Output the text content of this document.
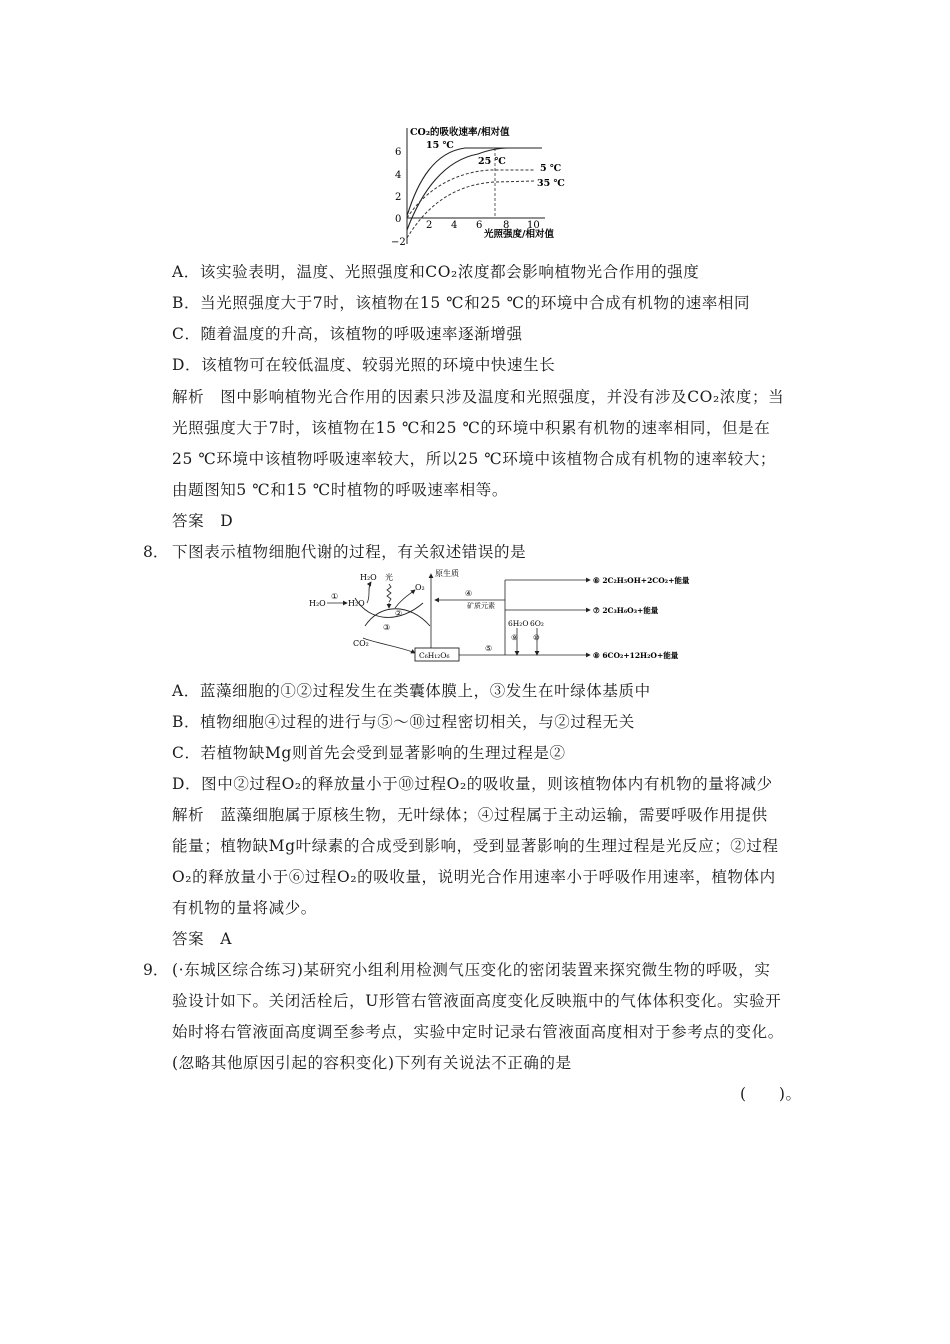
CO₂的吸收速率/相对值
6
4
2
0
−2
2 4 6 8 10
光照强度/相对值
15 ℃
25 ℃
5 ℃
35 ℃
A．该实验表明，温度、光照强度和CO₂浓度都会影响植物光合作用的强度
B．当光照强度大于7时，该植物在15 ℃和25 ℃的环境中合成有机物的速率相同
C．随着温度的升高，该植物的呼吸速率逐渐增强
D．该植物可在较低温度、较弱光照的环境中快速生长
解析　图中影响植物光合作用的因素只涉及温度和光照强度，并没有涉及CO₂浓度；当
光照强度大于7时，该植物在15 ℃和25 ℃的环境中积累有机物的速率相同，但是在
25 ℃环境中该植物呼吸速率较大，所以25 ℃环境中该植物合成有机物的速率较大；
由题图知5 ℃和15 ℃时植物的呼吸速率相等。
答案　D
8． 下图表示植物细胞代谢的过程，有关叙述错误的是
H₂O
①
H₂O
H₂O 光
②
O₂
③
CO₂
C₆H₁₂O₆
原生质
④
矿质元素
⑤
6H₂O 6O₂
⑨ ⑩
⑥ 2C₂H₅OH+2CO₂+能量
⑦ 2C₃H₆O₃+能量
⑧ 6CO₂+12H₂O+能量
A．蓝藻细胞的①②过程发生在类囊体膜上，③发生在叶绿体基质中
B．植物细胞④过程的进行与⑤～⑩过程密切相关，与②过程无关
C．若植物缺Mg则首先会受到显著影响的生理过程是②
D．图中②过程O₂的释放量小于⑩过程O₂的吸收量，则该植物体内有机物的量将减少
解析　蓝藻细胞属于原核生物，无叶绿体；④过程属于主动运输，需要呼吸作用提供
能量；植物缺Mg叶绿素的合成受到影响，受到显著影响的生理过程是光反应；②过程
O₂的释放量小于⑥过程O₂的吸收量，说明光合作用速率小于呼吸作用速率，植物体内
有机物的量将减少。
答案　A
9． (·东城区综合练习)某研究小组利用检测气压变化的密闭装置来探究微生物的呼吸，实
验设计如下。关闭活栓后，U形管右管液面高度变化反映瓶中的气体体积变化。实验开
始时将右管液面高度调至参考点，实验中定时记录右管液面高度相对于参考点的变化。
(忽略其他原因引起的容积变化)下列有关说法不正确的是
(　　)。
